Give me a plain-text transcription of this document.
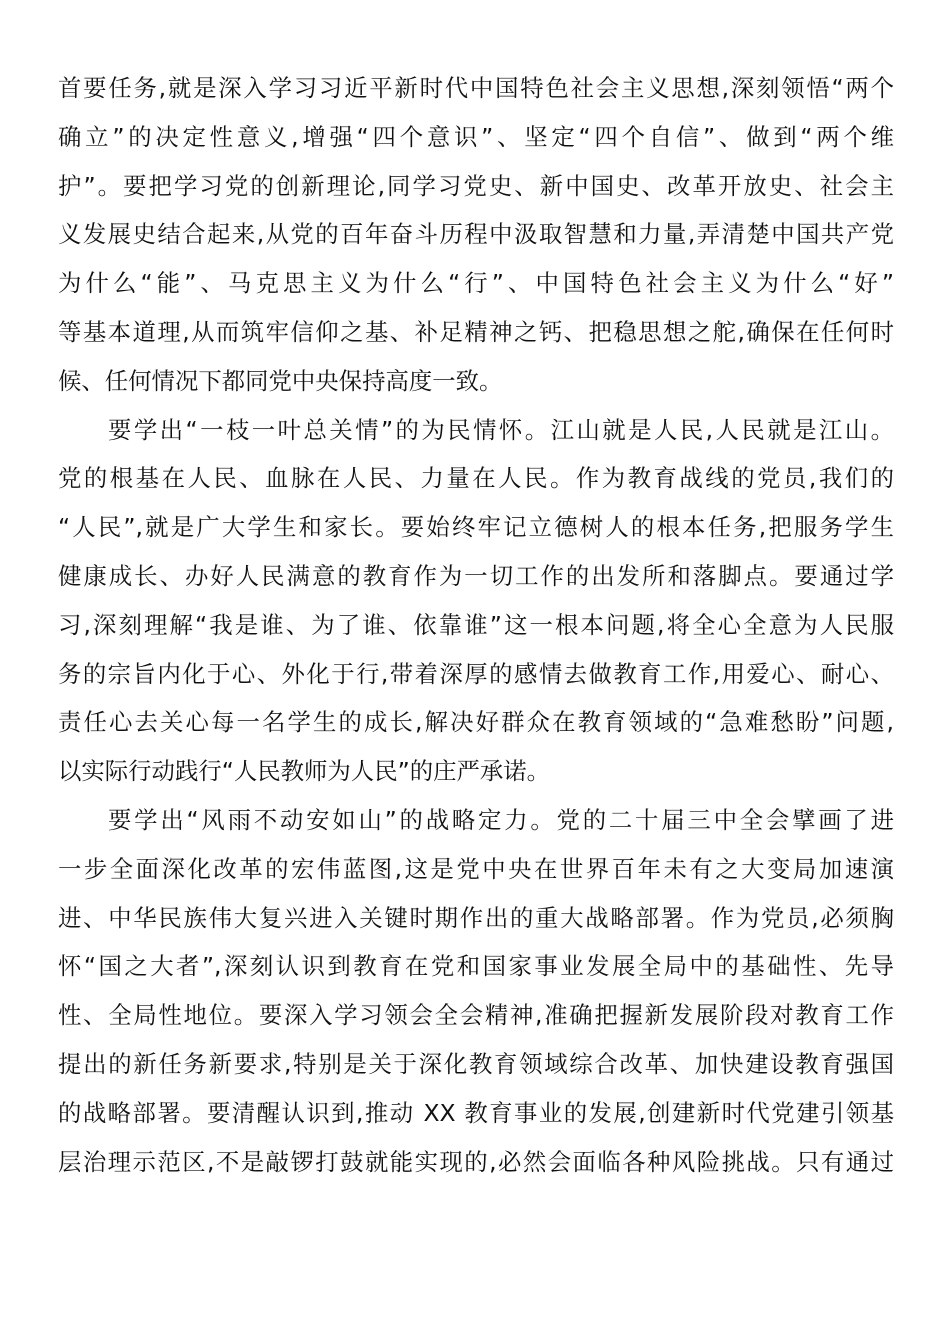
首要任务,就是深入学习习近平新时代中国特色社会主义思想,深刻领悟“两个
确立”的决定性意义,增强“四个意识”、坚定“四个自信”、做到“两个维
护”。要把学习党的创新理论,同学习党史、新中国史、改革开放史、社会主
义发展史结合起来,从党的百年奋斗历程中汲取智慧和力量,弄清楚中国共产党
为什么“能”、马克思主义为什么“行”、中国特色社会主义为什么“好”
等基本道理,从而筑牢信仰之基、补足精神之钙、把稳思想之舵,确保在任何时
候、任何情况下都同党中央保持高度一致。
要学出“一枝一叶总关情”的为民情怀。江山就是人民,人民就是江山。
党的根基在人民、血脉在人民、力量在人民。作为教育战线的党员,我们的
“人民”,就是广大学生和家长。要始终牢记立德树人的根本任务,把服务学生
健康成长、办好人民满意的教育作为一切工作的出发所和落脚点。要通过学
习,深刻理解“我是谁、为了谁、依靠谁”这一根本问题,将全心全意为人民服
务的宗旨内化于心、外化于行,带着深厚的感情去做教育工作,用爱心、耐心、
责任心去关心每一名学生的成长,解决好群众在教育领域的“急难愁盼”问题,
以实际行动践行“人民教师为人民”的庄严承诺。
要学出“风雨不动安如山”的战略定力。党的二十届三中全会擘画了进
一步全面深化改革的宏伟蓝图,这是党中央在世界百年未有之大变局加速演
进、中华民族伟大复兴进入关键时期作出的重大战略部署。作为党员,必须胸
怀“国之大者”,深刻认识到教育在党和国家事业发展全局中的基础性、先导
性、全局性地位。要深入学习领会全会精神,准确把握新发展阶段对教育工作
提出的新任务新要求,特别是关于深化教育领域综合改革、加快建设教育强国
的战略部署。要清醒认识到,推动 XX 教育事业的发展,创建新时代党建引领基
层治理示范区,不是敲锣打鼓就能实现的,必然会面临各种风险挑战。只有通过
